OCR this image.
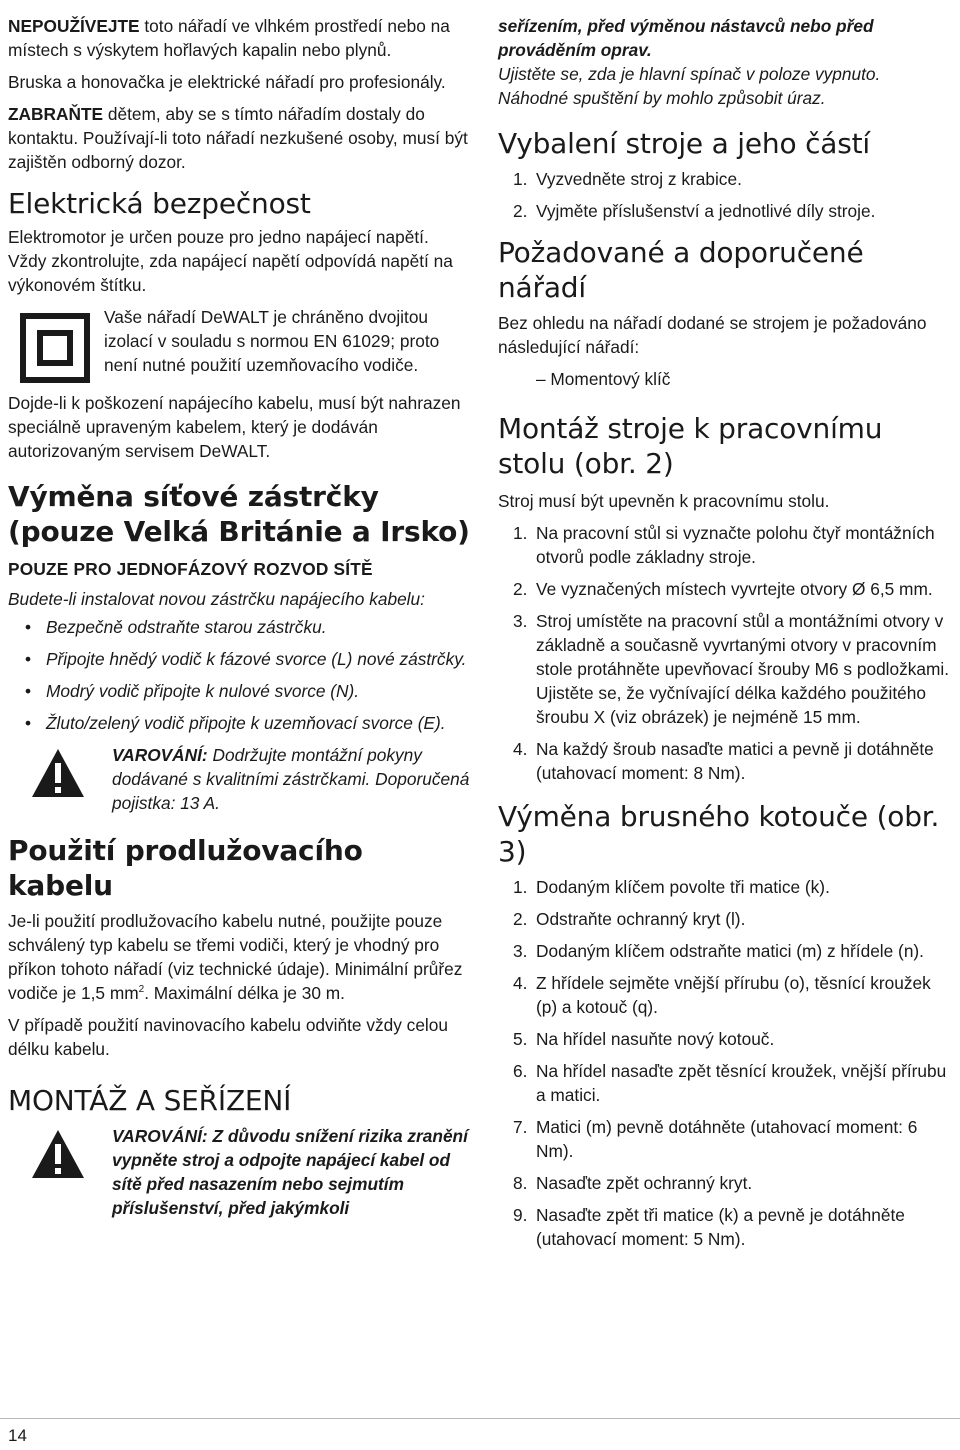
NEPOUŽÍVEJTE toto nářadí ve vlhkém prostředí nebo na místech s výskytem hořlavých kapalin nebo plynů.

Bruska a honovačka je elektrické nářadí pro profesionály.

ZABRAŇTE dětem, aby se s tímto nářadím dostaly do kontaktu. Používají-li toto nářadí nezkušené osoby, musí být zajištěn odborný dozor.

Elektrická bezpečnost

Elektromotor je určen pouze pro jedno napájecí napětí. Vždy zkontrolujte, zda napájecí napětí odpovídá napětí na výkonovém štítku.

Vaše nářadí DeWALT je chráněno dvojitou izolací v souladu s normou EN 61029; proto není nutné použití uzemňovacího vodiče.

Dojde-li k poškození napájecího kabelu, musí být nahrazen speciálně upraveným kabelem, který je dodáván autorizovaným servisem DeWALT.

Výměna síťové zástrčky (pouze Velká Británie a Irsko)

POUZE PRO JEDNOFÁZOVÝ ROZVOD SÍTĚ

Budete-li instalovat novou zástrčku napájecího kabelu:

• Bezpečně odstraňte starou zástrčku.
• Připojte hnědý vodič k fázové svorce (L) nové zástrčky.
• Modrý vodič připojte k nulové svorce (N).
• Žluto/zelený vodič připojte k uzemňovací svorce (E).

VAROVÁNÍ: Dodržujte montážní pokyny dodávané s kvalitními zástrčkami. Doporučená pojistka: 13 A.

Použití prodlužovacího kabelu

Je-li použití prodlužovacího kabelu nutné, použijte pouze schválený typ kabelu se třemi vodiči, který je vhodný pro příkon tohoto nářadí (viz technické údaje). Minimální průřez vodiče je 1,5 $mm^2$. Maximální délka je 30 m.

V případě použití navinovacího kabelu odviňte vždy celou délku kabelu.

MONTÁŽ A SEŘÍZENÍ

VAROVÁNÍ: Z důvodu snížení rizika zranění vypněte stroj a odpojte napájecí kabel od sítě před nasazením nebo sejmutím příslušenství, před jakýmkoli

seřízením, před výměnou nástavců nebo před prováděním oprav.

Ujistěte se, zda je hlavní spínač v poloze vypnuto. Náhodné spuštění by mohlo způsobit úraz.

Vybalení stroje a jeho částí
1. Vyzvedněte stroj z krabice.
2. Vyjměte příslušenství a jednotlivé díly stroje.
Požadované a doporučené nářadí

Bez ohledu na nářadí dodané se strojem je požadováno následující nářadí:

– Momentový klíč

Montáž stroje k pracovnímu stolu (obr. 2)

Stroj musí být upevněn k pracovnímu stolu.

1. Na pracovní stůl si vyznačte polohu čtyř montážních otvorů podle základny stroje.
2. Ve vyznačených místech vyvrtejte otvory Ø 6,5 mm.
3. Stroj umístěte na pracovní stůl a montážními otvory v základně a současně vyvrtanými otvory v pracovním stole protáhněte upevňovací šrouby M6 s podložkami. Ujistěte se, že vyčnívající délka každého použitého šroubu X (viz obrázek) je nejméně 15 mm.
4. Na každý šroub nasaďte matici a pevně ji dotáhněte (utahovací moment: 8 Nm).
Výměna brusného kotouče (obr. 3)
1. Dodaným klíčem povolte tři matice (k).
2. Odstraňte ochranný kryt (l).
3. Dodaným klíčem odstraňte matici (m) z hřídele (n).
4. Z hřídele sejměte vnější přírubu (o), těsnící kroužek (p) a kotouč (q).
5. Na hřídel nasuňte nový kotouč.
6. Na hřídel nasaďte zpět těsnící kroužek, vnější přírubu a matici.
7. Matici (m) pevně dotáhněte (utahovací moment: 6 Nm).
8. Nasaďte zpět ochranný kryt.
9. Nasaďte zpět tři matice (k) a pevně je dotáhněte (utahovací moment: 5 Nm).
14
